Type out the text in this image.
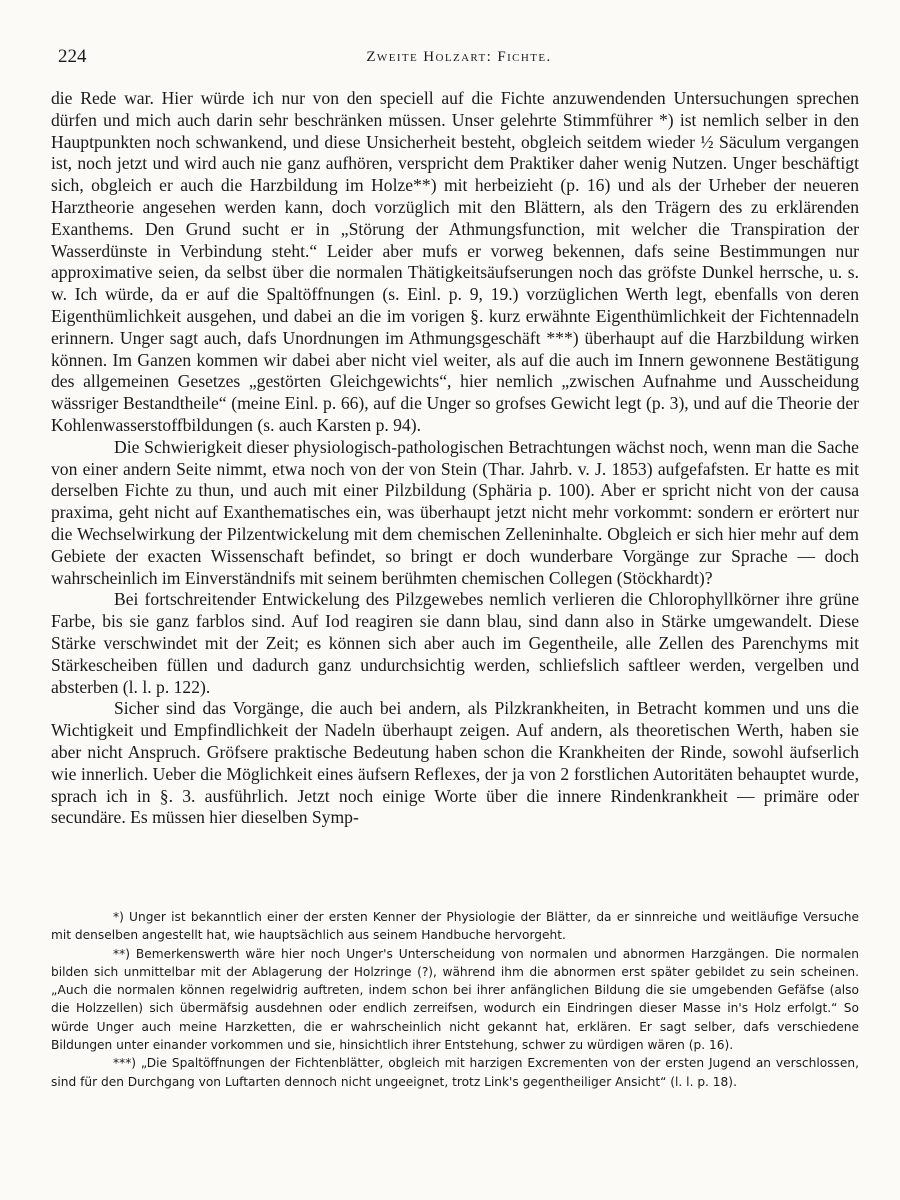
224	Zweite Holzart: Fichte.

die Rede war. Hier würde ich nur von den speciell auf die Fichte anzuwendenden Untersuchungen sprechen dürfen und mich auch darin sehr beschränken müssen. Unser gelehrte Stimmführer *) ist nemlich selber in den Hauptpunkten noch schwankend, und diese Unsicherheit besteht, obgleich seitdem wieder ½ Säculum vergangen ist, noch jetzt und wird auch nie ganz aufhören, verspricht dem Praktiker daher wenig Nutzen. Unger beschäftigt sich, obgleich er auch die Harzbildung im Holze**) mit herbeizieht (p. 16) und als der Urheber der neueren Harztheorie angesehen werden kann, doch vorzüglich mit den Blättern, als den Trägern des zu erklärenden Exanthems. Den Grund sucht er in „Störung der Athmungsfunction, mit welcher die Transpiration der Wasserdünste in Verbindung steht.“ Leider aber mufs er vorweg bekennen, dafs seine Bestimmungen nur approximative seien, da selbst über die normalen Thätigkeitsäufserungen noch das gröfste Dunkel herrsche, u. s. w. Ich würde, da er auf die Spaltöffnungen (s. Einl. p. 9, 19.) vorzüglichen Werth legt, ebenfalls von deren Eigenthümlichkeit ausgehen, und dabei an die im vorigen §. kurz erwähnte Eigenthümlichkeit der Fichtennadeln erinnern. Unger sagt auch, dafs Unordnungen im Athmungsgeschäft ***) überhaupt auf die Harzbildung wirken können. Im Ganzen kommen wir dabei aber nicht viel weiter, als auf die auch im Innern gewonnene Bestätigung des allgemeinen Gesetzes „gestörten Gleichgewichts“, hier nemlich „zwischen Aufnahme und Ausscheidung wässriger Bestandtheile“ (meine Einl. p. 66), auf die Unger so grofses Gewicht legt (p. 3), und auf die Theorie der Kohlenwasserstoffbildungen (s. auch Karsten p. 94).

Die Schwierigkeit dieser physiologisch-pathologischen Betrachtungen wächst noch, wenn man die Sache von einer andern Seite nimmt, etwa noch von der von Stein (Thar. Jahrb. v. J. 1853) aufgefafsten. Er hatte es mit derselben Fichte zu thun, und auch mit einer Pilzbildung (Sphäria p. 100). Aber er spricht nicht von der causa praxima, geht nicht auf Exanthematisches ein, was überhaupt jetzt nicht mehr vorkommt: sondern er erörtert nur die Wechselwirkung der Pilzentwickelung mit dem chemischen Zelleninhalte. Obgleich er sich hier mehr auf dem Gebiete der exacten Wissenschaft befindet, so bringt er doch wunderbare Vorgänge zur Sprache — doch wahrscheinlich im Einverständnifs mit seinem berühmten chemischen Collegen (Stöckhardt)?

Bei fortschreitender Entwickelung des Pilzgewebes nemlich verlieren die Chlorophyllkörner ihre grüne Farbe, bis sie ganz farblos sind. Auf Iod reagiren sie dann blau, sind dann also in Stärke umgewandelt. Diese Stärke verschwindet mit der Zeit; es können sich aber auch im Gegentheile, alle Zellen des Parenchyms mit Stärkescheiben füllen und dadurch ganz undurchsichtig werden, schliefslich saftleer werden, vergelben und absterben (l. l. p. 122).

Sicher sind das Vorgänge, die auch bei andern, als Pilzkrankheiten, in Betracht kommen und uns die Wichtigkeit und Empfindlichkeit der Nadeln überhaupt zeigen. Auf andern, als theoretischen Werth, haben sie aber nicht Anspruch. Gröfsere praktische Bedeutung haben schon die Krankheiten der Rinde, sowohl äufserlich wie innerlich. Ueber die Möglichkeit eines äufsern Reflexes, der ja von 2 forstlichen Autoritäten behauptet wurde, sprach ich in §. 3. ausführlich. Jetzt noch einige Worte über die innere Rindenkrankheit — primäre oder secundäre. Es müssen hier dieselben Symp-

*) Unger ist bekanntlich einer der ersten Kenner der Physiologie der Blätter, da er sinnreiche und weitläufige Versuche mit denselben angestellt hat, wie hauptsächlich aus seinem Handbuche hervorgeht.

**) Bemerkenswerth wäre hier noch Unger's Unterscheidung von normalen und abnormen Harzgängen. Die normalen bilden sich unmittelbar mit der Ablagerung der Holzringe (?), während ihm die abnormen erst später gebildet zu sein scheinen. „Auch die normalen können regelwidrig auftreten, indem schon bei ihrer anfänglichen Bildung die sie umgebenden Gefäfse (also die Holzzellen) sich übermäfsig ausdehnen oder endlich zerreifsen, wodurch ein Eindringen dieser Masse in's Holz erfolgt.“ So würde Unger auch meine Harzketten, die er wahrscheinlich nicht gekannt hat, erklären. Er sagt selber, dafs verschiedene Bildungen unter einander vorkommen und sie, hinsichtlich ihrer Entstehung, schwer zu würdigen wären (p. 16).

***) „Die Spaltöffnungen der Fichtenblätter, obgleich mit harzigen Excrementen von der ersten Jugend an verschlossen, sind für den Durchgang von Luftarten dennoch nicht ungeeignet, trotz Link's gegentheiliger Ansicht“ (l. l. p. 18).
